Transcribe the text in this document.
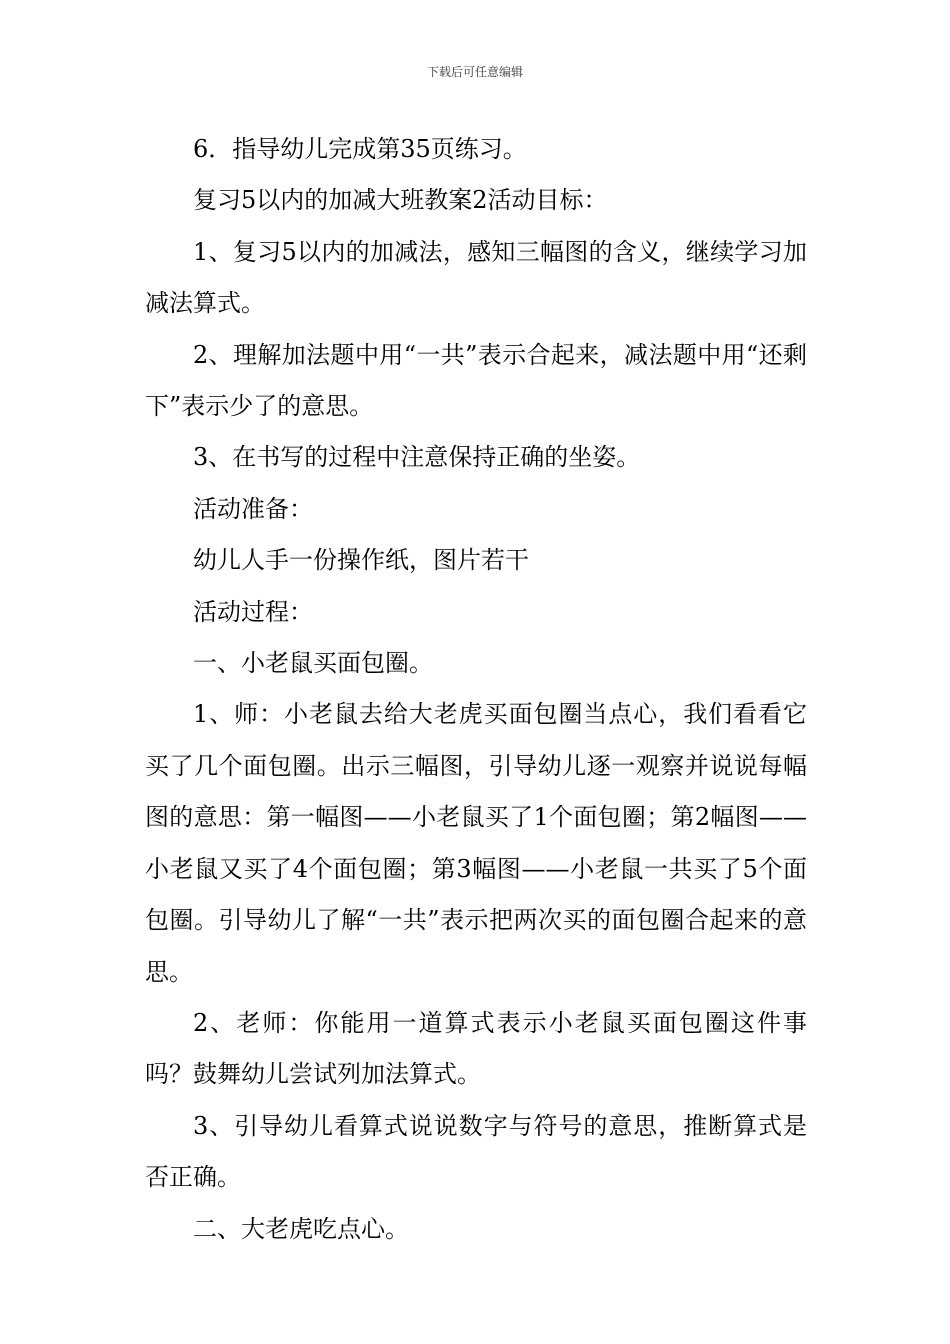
下载后可任意编辑

6．指导幼儿完成第35页练习。

复习5以内的加减大班教案2活动目标：

1、复习5以内的加减法，感知三幅图的含义，继续学习加减法算式。

2、理解加法题中用“一共”表示合起来，减法题中用“还剩下”表示少了的意思。

3、在书写的过程中注意保持正确的坐姿。

活动准备：

幼儿人手一份操作纸，图片若干

活动过程：

一、小老鼠买面包圈。

1、师：小老鼠去给大老虎买面包圈当点心，我们看看它买了几个面包圈。出示三幅图，引导幼儿逐一观察并说说每幅图的意思：第一幅图——小老鼠买了1个面包圈；第2幅图——小老鼠又买了4个面包圈；第3幅图——小老鼠一共买了5个面包圈。引导幼儿了解“一共”表示把两次买的面包圈合起来的意思。

2、老师：你能用一道算式表示小老鼠买面包圈这件事吗？鼓舞幼儿尝试列加法算式。

3、引导幼儿看算式说说数字与符号的意思，推断算式是否正确。

二、大老虎吃点心。
